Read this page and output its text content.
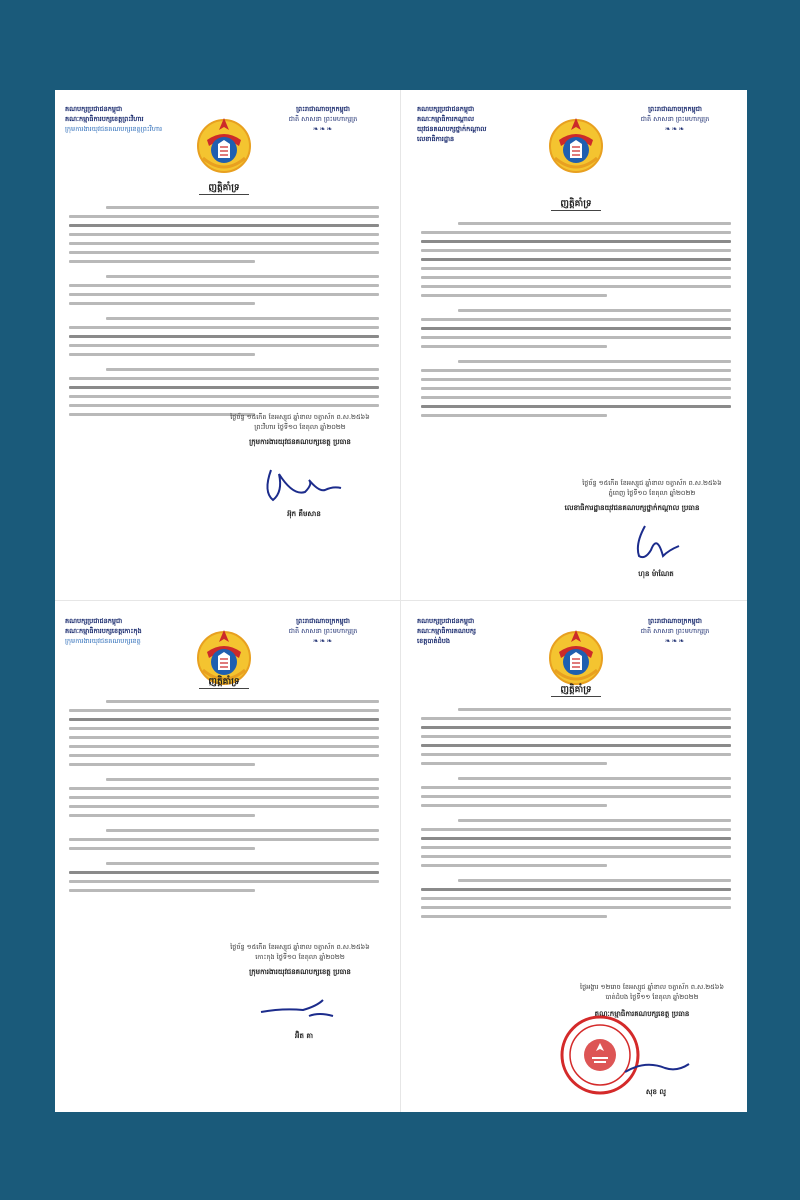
គណបក្សប្រជាជនកម្ពុជា
គណៈកម្មាធិការបក្សខេត្តព្រះវិហារ
ក្រុមការងារយុវជនគណបក្សខេត្តព្រះវិហារ
ព្រះរាជាណាចក្រកម្ពុជា
ជាតិ សាសនា ព្រះមហាក្សត្រ
❧❧❧
ញត្តិគាំទ្រ
ថ្ងៃច័ន្ទ ១៥កើត ខែអស្សុជ ឆ្នាំខាល ចត្វាស័ក ព.ស.២៥៦៦
ព្រះវិហារ ថ្ងៃទី១០ ខែតុលា ឆ្នាំ២០២២
ក្រុមការងារយុវជនគណបក្សខេត្ត ប្រធាន
អ៊ុក គឹមសាន
គណបក្សប្រជាជនកម្ពុជា
គណៈកម្មាធិការកណ្តាល
យុវជនគណបក្សថ្នាក់កណ្តាល
លេខាធិការដ្ឋាន
ព្រះរាជាណាចក្រកម្ពុជា
ជាតិ សាសនា ព្រះមហាក្សត្រ
❧❧❧
ញត្តិគាំទ្រ
ថ្ងៃច័ន្ទ ១៥កើត ខែអស្សុជ ឆ្នាំខាល ចត្វាស័ក ព.ស.២៥៦៦
ភ្នំពេញ ថ្ងៃទី១០ ខែតុលា ឆ្នាំ២០២២
លេខាធិការដ្ឋានយុវជនគណបក្សថ្នាក់កណ្តាល ប្រធាន
ហុន ម៉ាណែត
គណបក្សប្រជាជនកម្ពុជា
គណៈកម្មាធិការបក្សខេត្តកោះកុង
ក្រុមការងារយុវជនគណបក្សខេត្ត
ព្រះរាជាណាចក្រកម្ពុជា
ជាតិ សាសនា ព្រះមហាក្សត្រ
❧❧❧
ញត្តិគាំទ្រ
ថ្ងៃច័ន្ទ ១៥កើត ខែអស្សុជ ឆ្នាំខាល ចត្វាស័ក ព.ស.២៥៦៦
កោះកុង ថ្ងៃទី១០ ខែតុលា ឆ្នាំ២០២២
ក្រុមការងារយុវជនគណបក្សខេត្ត ប្រធាន
អ៊ិត គា
គណបក្សប្រជាជនកម្ពុជា
គណៈកម្មាធិការគណបក្ស
ខេត្តបាត់ដំបង
ព្រះរាជាណាចក្រកម្ពុជា
ជាតិ សាសនា ព្រះមហាក្សត្រ
❧❧❧
ញត្តិគាំទ្រ
ថ្ងៃអង្គារ ១២រោច ខែអស្សុជ ឆ្នាំខាល ចត្វាស័ក ព.ស.២៥៦៦
បាត់ដំបង ថ្ងៃទី១១ ខែតុលា ឆ្នាំ២០២២
គណៈកម្មាធិការគណបក្សខេត្ត ប្រធាន
សុខ លូ
